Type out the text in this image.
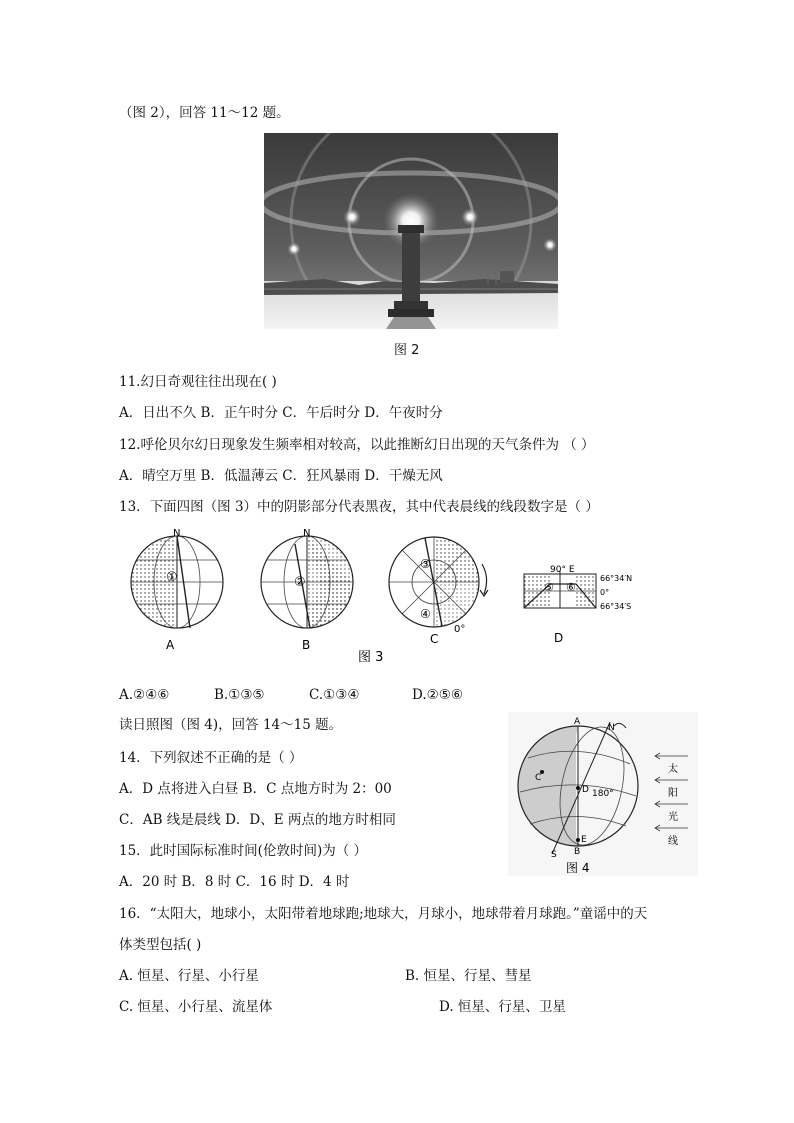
（图 2），回答 11～12 题。
图 2
11.幻日奇观往往出现在( )
A．日出不久 B．正午时分 C．午后时分 D．午夜时分
12.呼伦贝尔幻日现象发生频率相对较高，以此推断幻日出现的天气条件为 （ ）
A．晴空万里 B．低温薄云 C．狂风暴雨 D．干燥无风
13．下面四图（图 3）中的阴影部分代表黑夜，其中代表晨线的线段数字是（ ）
N
①
A
N
②
B
③
④
0°
C
90° E
66°34′N
0°
66°34′S
⑤ ⑥
D
图 3
A.②④⑥	B.①③⑤	C.①③④	D.②⑤⑥
读日照图（图 4)，回答 14～15 题。
14．下列叙述不正确的是（ ）
A．D 点将进入白昼 B．C 点地方时为 2：00
C．AB 线是晨线 D．D、E 两点的地方时相同
15．此时国际标准时间(伦敦时间)为（ ）
A．20 时 B．8 时 C．16 时 D．4 时
太
阳
光
线
A
N
C
D 180°
E
B
S
图 4
16．“太阳大，地球小，太阳带着地球跑;地球大，月球小，地球带着月球跑。”童谣中的天
体类型包括( )
A. 恒星、行星、小行星	B. 恒星、行星、彗星
C. 恒星、小行星、流星体	D. 恒星、行星、卫星
